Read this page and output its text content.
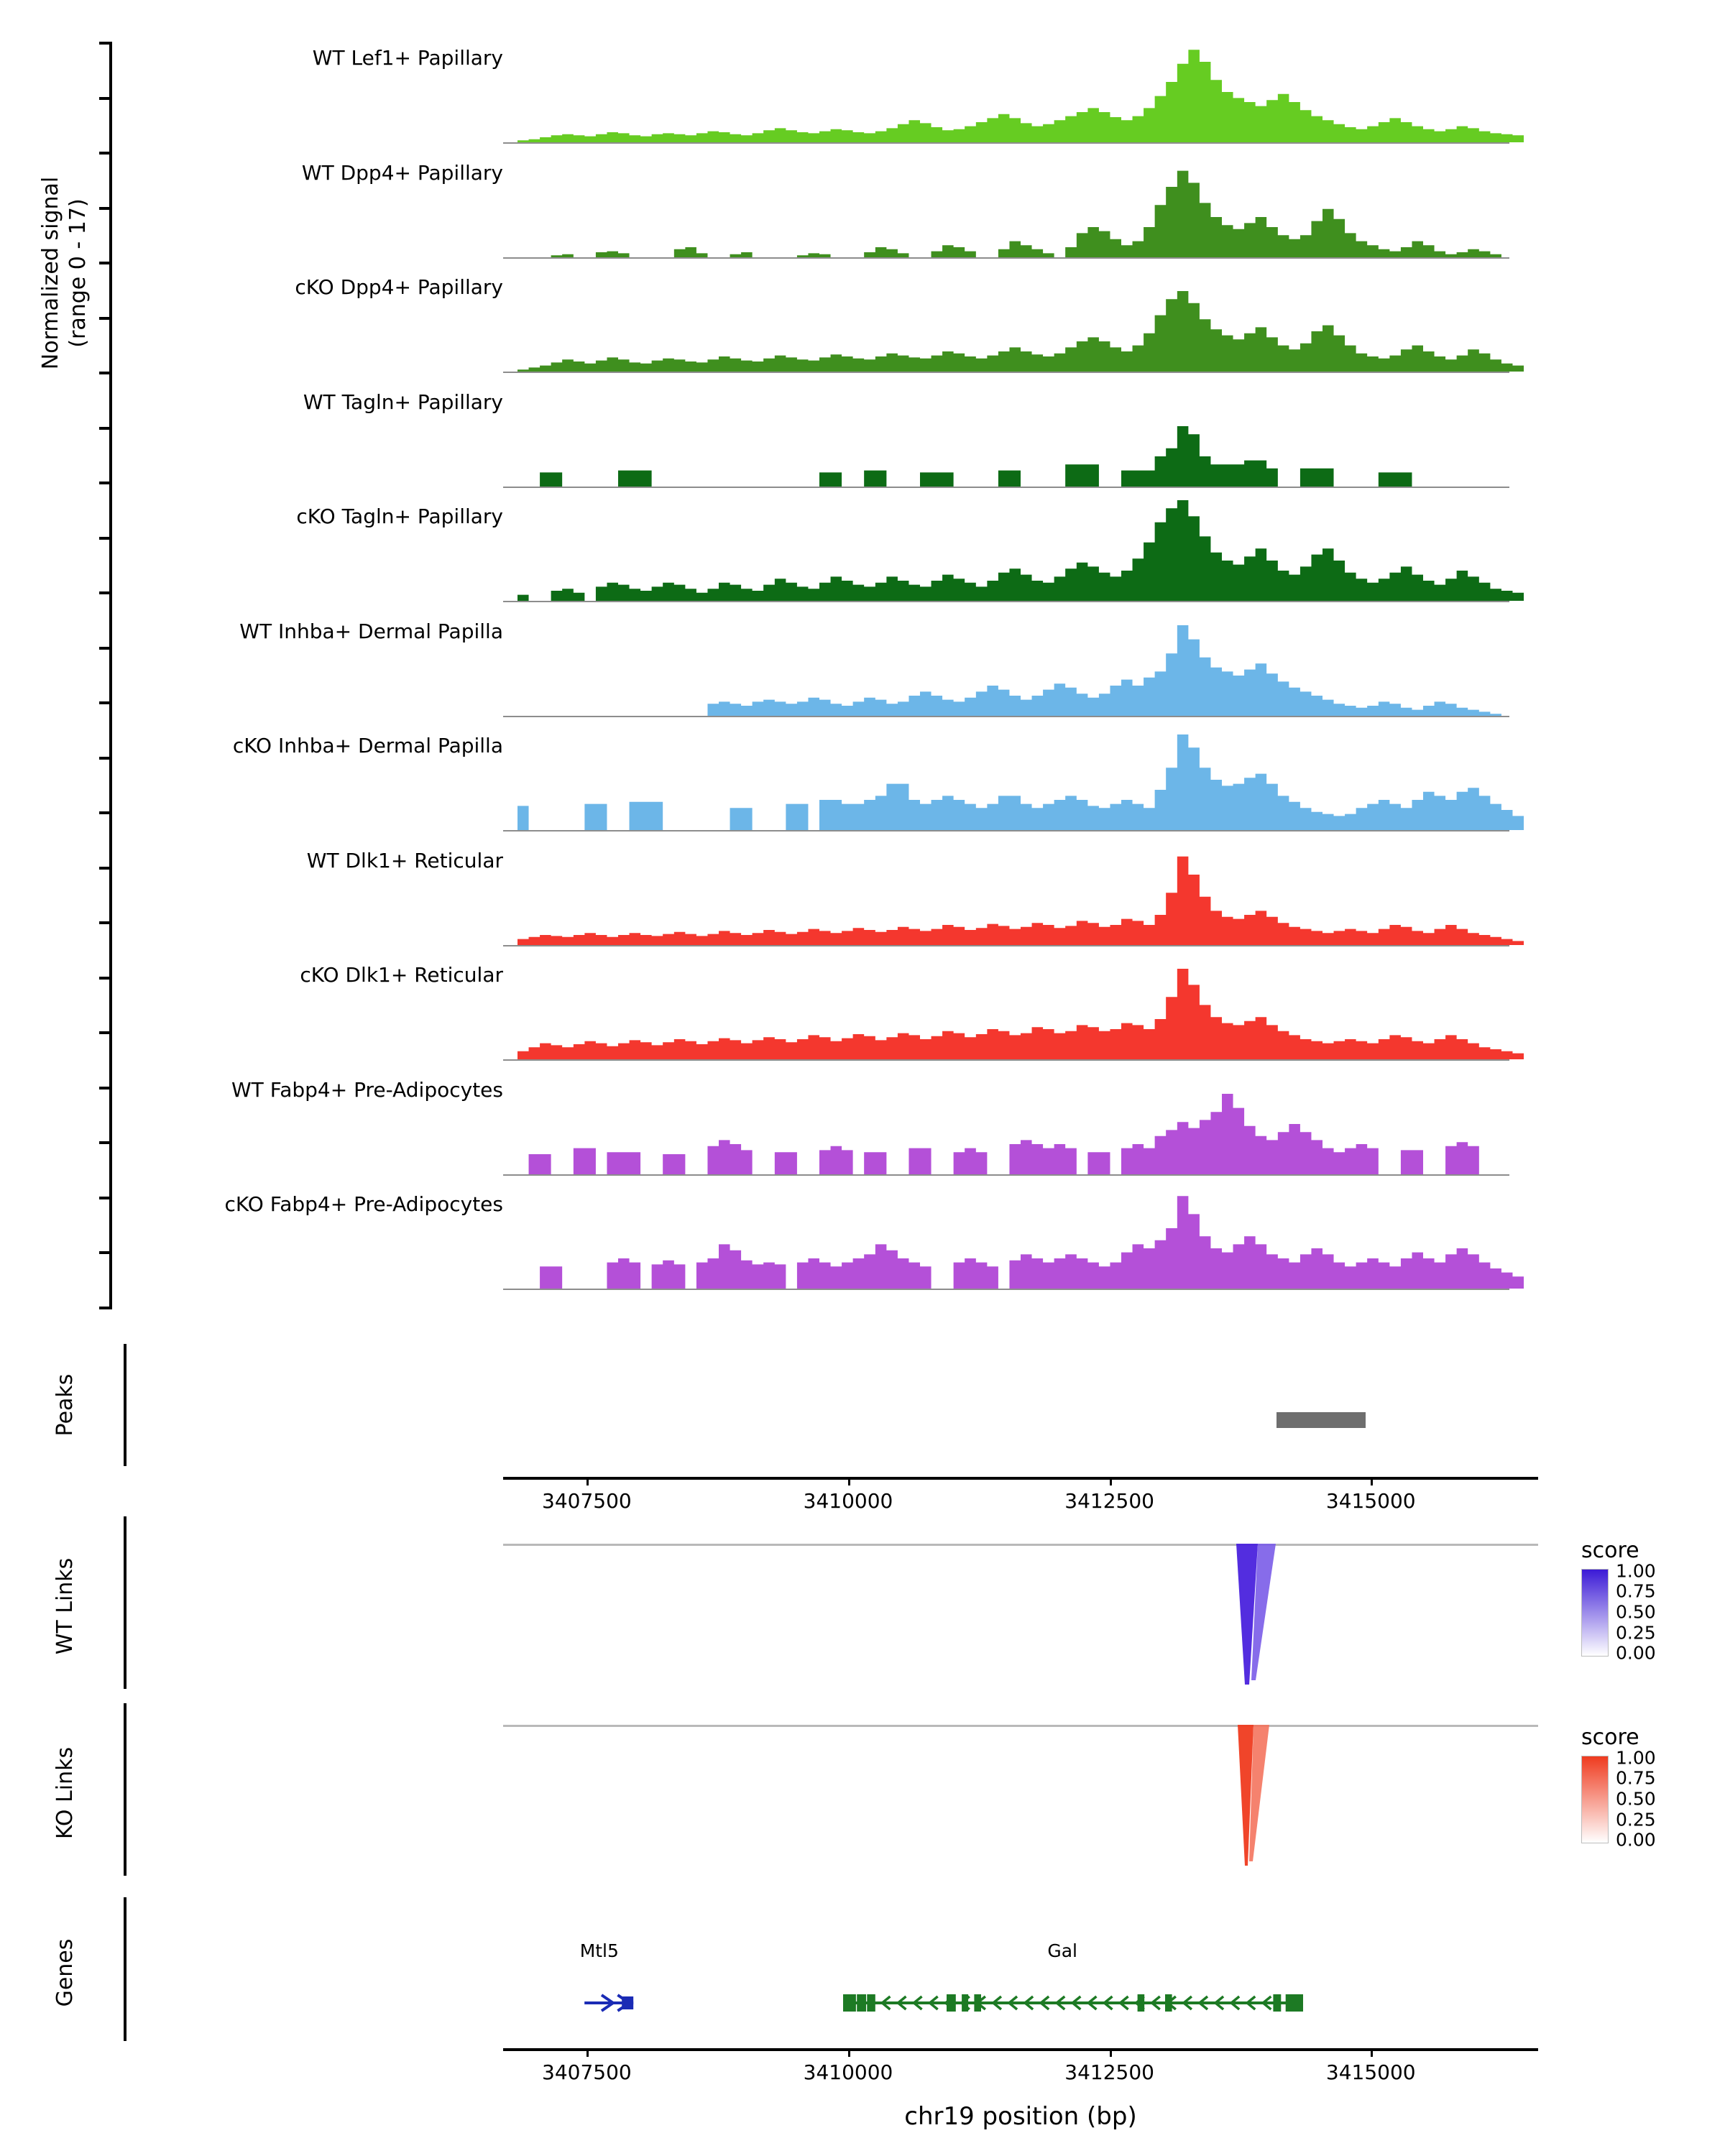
Normalized signal (range 0 - 17)
WT Lef1+ Papillary
WT Dpp4+ Papillary
cKO Dpp4+ Papillary
WT Tagln+ Papillary
cKO Tagln+ Papillary
WT Inhba+ Dermal Papilla
cKO Inhba+ Dermal Papilla
WT Dlk1+ Reticular
cKO Dlk1+ Reticular
WT Fabp4+ Pre-Adipocytes
cKO Fabp4+ Pre-Adipocytes
Peaks
3407500	3410000	3412500	3415000
WT Links
score
1.00
0.75
0.50
0.25
0.00
KO Links
score
1.00
0.75
0.50
0.25
0.00
Genes	Mtl5	Gal
3407500	3410000	3412500	3415000
chr19 position (bp)
